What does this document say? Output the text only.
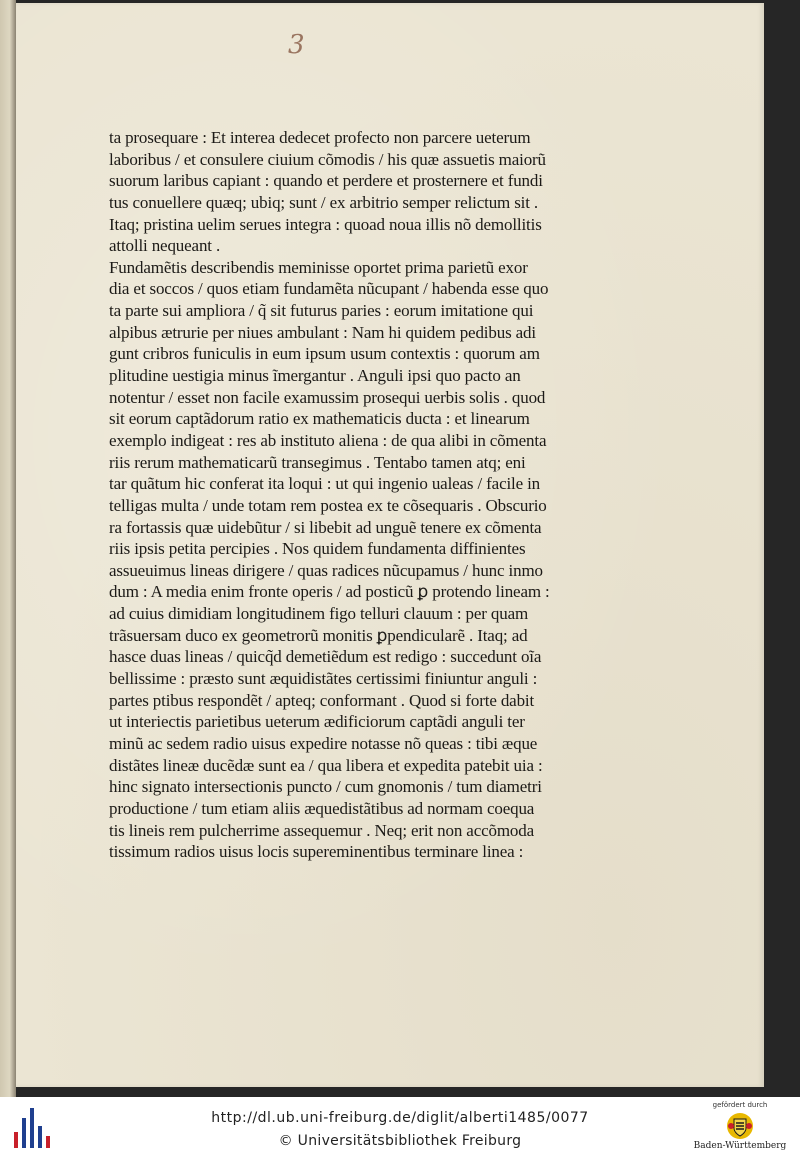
3
ta prosequare : Et interea dedecet profecto non parcere ueterum
laboribus / et consulere ciuium cõmodis / his quæ assuetis maiorũ
suorum laribus capiant : quando et perdere et prosternere et fundi
tus conuellere quæq; ubiq; sunt / ex arbitrio semper relictum sit .
Itaq; pristina uelim serues integra : quoad noua illis nõ demollitis
attolli nequeant .
Fundamẽtis describendis meminisse oportet prima parietũ exor
dia et soccos / quos etiam fundamẽta nũcupant / habenda esse quo
ta parte sui ampliora / q̃ sit futurus paries : eorum imitatione qui
alpibus ætrurie per niues ambulant : Nam hi quidem pedibus adi
gunt cribros funiculis in eum ipsum usum contextis : quorum am
plitudine uestigia minus ĩmergantur . Anguli ipsi quo pacto an
notentur / esset non facile examussim prosequi uerbis solis . quod
sit eorum captãdorum ratio ex mathematicis ducta : et linearum
exemplo indigeat : res ab instituto aliena : de qua alibi in cõmenta
riis rerum mathematicarũ transegimus . Tentabo tamen atq; eni
tar quãtum hic conferat ita loqui : ut qui ingenio ualeas / facile in
telligas multa / unde totam rem postea ex te cõsequaris . Obscurio
ra fortassis quæ uidebũtur / si libebit ad unguẽ tenere ex cõmenta
riis ipsis petita percipies . Nos quidem fundamenta diffinientes
assueuimus lineas dirigere / quas radices nũcupamus / hunc inmo
dum : A media enim fronte operis / ad posticũ ꝑ protendo lineam :
ad cuius dimidiam longitudinem figo telluri clauum : per quam
trãsuersam duco ex geometrorũ monitis ꝑpendicularẽ . Itaq; ad
hasce duas lineas / quicq̃d demetiẽdum est redigo : succedunt oĩa
bellissime : præsto sunt æquidistãtes certissimi finiuntur anguli :
partes ptibus respondẽt / apteq; conformant . Quod si forte dabit
ut interiectis parietibus ueterum ædificiorum captãdi anguli ter
minũ ac sedem radio uisus expedire notasse nõ queas : tibi æque
distãtes lineæ ducẽdæ sunt ea / qua libera et expedita patebit uia :
hinc signato intersectionis puncto / cum gnomonis / tum diametri
productione / tum etiam aliis æquedistãtibus ad normam coequa
tis lineis rem pulcherrime assequemur . Neq; erit non accõmoda
tissimum radios uisus locis supereminentibus terminare linea :
http://dl.ub.uni-freiburg.de/diglit/alberti1485/0077
© Universitätsbibliothek Freiburg
gefördert durch
Baden-Württemberg
